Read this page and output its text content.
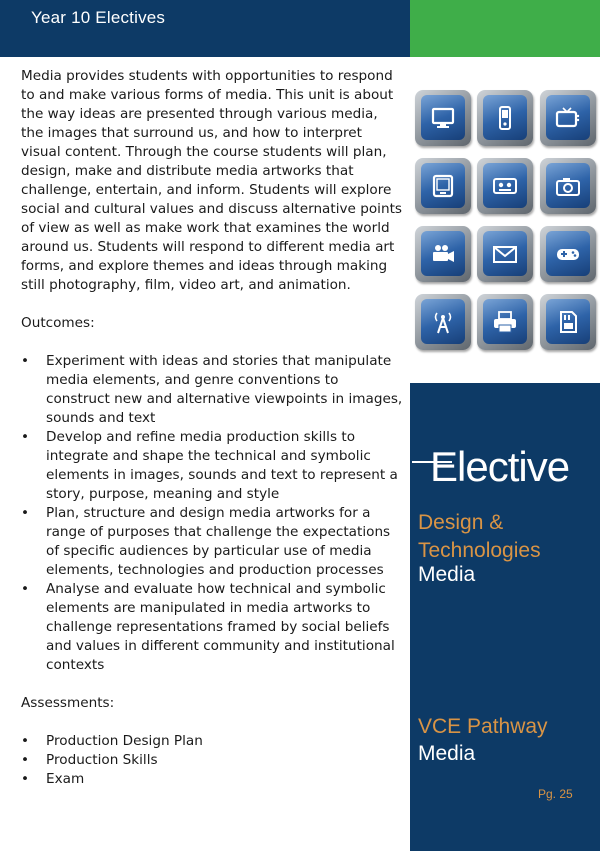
Year 10 Electives

Media provides students with opportunities to respond to and make various forms of media. This unit is about the way ideas are presented through various media, the images that surround us, and how to interpret visual content. Through the course students will plan, design, make and distribute media artworks that challenge, entertain, and inform. Students will explore social and cultural values and discuss alternative points of view as well as make work that examines the world around us. Students will respond to different media art forms, and explore themes and ideas through making still photography, film, video art, and animation.

Outcomes:

• Experiment with ideas and stories that manipulate media elements, and genre conventions to construct new and alternative viewpoints in images, sounds and text
• Develop and refine media production skills to integrate and shape the technical and symbolic elements in images, sounds and text to represent a story, purpose, meaning and style
• Plan, structure and design media artworks for a range of purposes that challenge the expectations of specific audiences by particular use of media elements, technologies and production processes
• Analyse and evaluate how technical and symbolic elements are manipulated in media artworks to challenge representations framed by social beliefs and values in different community and institutional contexts

Assessments:

• Production Design Plan
• Production Skills
• Exam
Elective
Design & Technologies
Media
VCE Pathway
Media
Pg. 25
